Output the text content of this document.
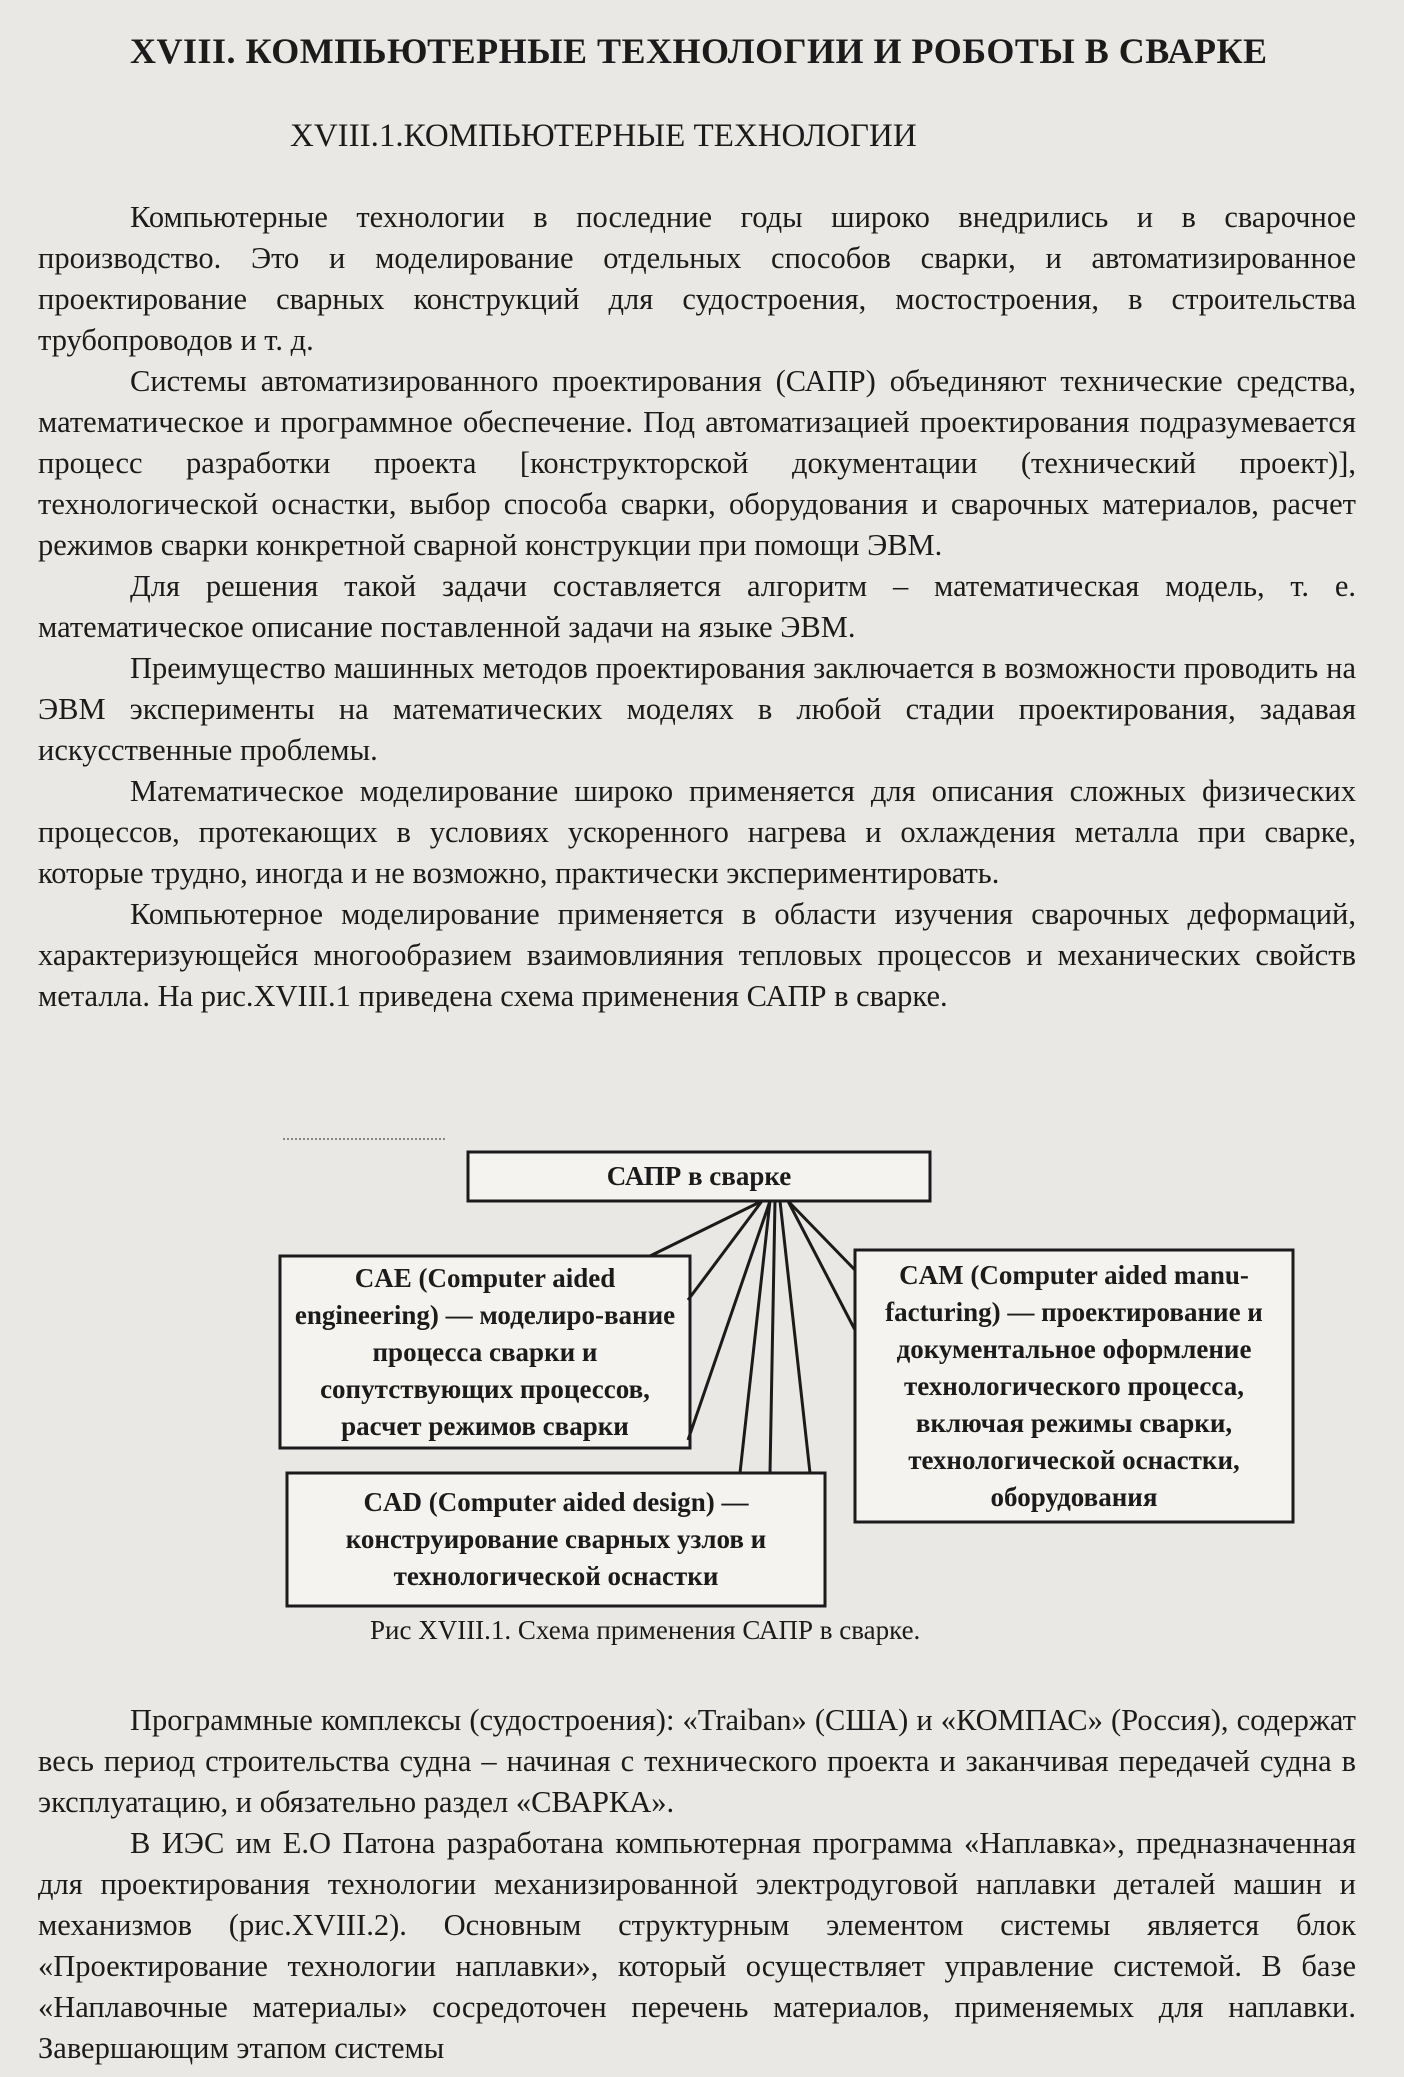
XVIII. КОМПЬЮТЕРНЫЕ ТЕХНОЛОГИИ И РОБОТЫ В СВАРКЕ
XVIII.1.КОМПЬЮТЕРНЫЕ ТЕХНОЛОГИИ

Компьютерные технологии в последние годы широко внедрились и в сварочное производство. Это и моделирование отдельных способов сварки, и автоматизированное проектирование сварных конструкций для судостроения, мостостроения, в строительства трубопроводов и т. д.

Системы автоматизированного проектирования (САПР) объединяют технические средства, математическое и программное обеспечение. Под автоматизацией проектирования подразумевается процесс разработки проекта [конструкторской документации (технический проект)], технологической оснастки, выбор способа сварки, оборудования и сварочных материалов, расчет режимов сварки конкретной сварной конструкции при помощи ЭВМ.

Для решения такой задачи составляется алгоритм – математическая модель, т. е. математическое описание поставленной задачи на языке ЭВМ.

Преимущество машинных методов проектирования заключается в возможности проводить на ЭВМ эксперименты на математических моделях в любой стадии проектирования, задавая искусственные проблемы.

Математическое моделирование широко применяется для описания сложных физических процессов, протекающих в условиях ускоренного нагрева и охлаждения металла при сварке, которые трудно, иногда и не возможно, практически экспериментировать.

Компьютерное моделирование применяется в области изучения сварочных деформаций, характеризующейся многообразием взаимовлияния тепловых процессов и механических свойств металла. На рис.XVIII.1 приведена схема применения САПР в сварке.

САПР в сварке
CAE (Computer aided engineering) — моделиро-вание процесса сварки и сопутствующих процессов, расчет режимов сварки
CAM (Computer aided manu-facturing) — проектирование и документальное оформление технологического процесса, включая режимы сварки, технологической оснастки, оборудования
CAD (Computer aided design) — конструирование сварных узлов и технологической оснастки
Рис XVIII.1. Схема применения САПР в сварке.

Программные комплексы (судостроения): «Traiban» (США) и «КОМПАС» (Россия), содержат весь период строительства судна – начиная с технического проекта и заканчивая передачей судна в эксплуатацию, и обязательно раздел «СВАРКА».

В ИЭС им Е.О Патона разработана компьютерная программа «Наплавка», предназначенная для проектирования технологии механизированной электродуговой наплавки деталей машин и механизмов (рис.XVIII.2). Основным структурным элементом системы является блок «Проектирование технологии наплавки», который осуществляет управление системой. В базе «Наплавочные материалы» сосредоточен перечень материалов, применяемых для наплавки. Завершающим этапом системы
